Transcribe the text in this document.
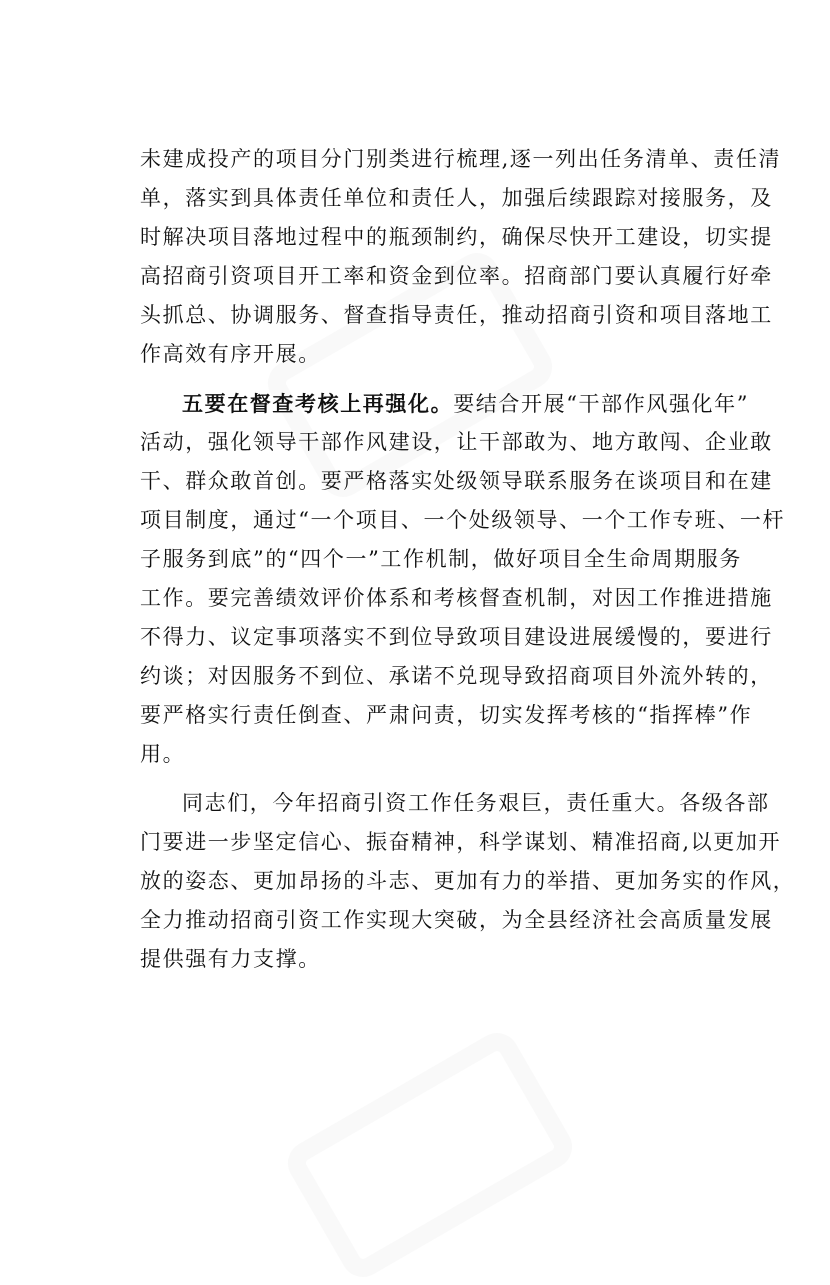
未建成投产的项目分门别类进行梳理,逐一列出任务清单、责任清
单，落实到具体责任单位和责任人，加强后续跟踪对接服务，及
时解决项目落地过程中的瓶颈制约，确保尽快开工建设，切实提
高招商引资项目开工率和资金到位率。招商部门要认真履行好牵
头抓总、协调服务、督查指导责任，推动招商引资和项目落地工
作高效有序开展。
五要在督查考核上再强化。要结合开展“干部作风强化年”
活动，强化领导干部作风建设，让干部敢为、地方敢闯、企业敢
干、群众敢首创。要严格落实处级领导联系服务在谈项目和在建
项目制度，通过“一个项目、一个处级领导、一个工作专班、一杆
子服务到底”的“四个一”工作机制，做好项目全生命周期服务
工作。要完善绩效评价体系和考核督查机制，对因工作推进措施
不得力、议定事项落实不到位导致项目建设进展缓慢的，要进行
约谈；对因服务不到位、承诺不兑现导致招商项目外流外转的，
要严格实行责任倒查、严肃问责，切实发挥考核的“指挥棒”作
用。
同志们，今年招商引资工作任务艰巨，责任重大。各级各部
门要进一步坚定信心、振奋精神，科学谋划、精准招商,以更加开
放的姿态、更加昂扬的斗志、更加有力的举措、更加务实的作风，
全力推动招商引资工作实现大突破，为全县经济社会高质量发展
提供强有力支撑。
